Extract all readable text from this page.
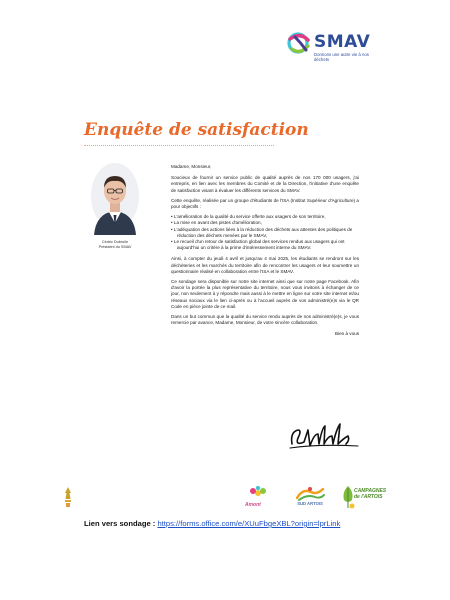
SMAV
Donnons une autre vie à nos déchets
Enquête de satisfaction
Cédric Dubrulle
Président du SMAV

Madame, Monsieur,

Soucieux de fournir un service public de qualité auprès de nos 170 000 usagers, j'ai entrepris, en lien avec les membres du Comité et de la Direction, l'initiative d'une enquête de satisfaction visant à évaluer les différents services du SMAV.

Cette enquête, réalisée par un groupe d'étudiants de l'ISA (Institut Supérieur d'Agriculture) a pour objectifs :

• L'amélioration de la qualité du service offerte aux usagers de son territoire,
• La mise en avant des pistes d'amélioration,
• L'adéquation des actions liées à la réduction des déchets aux attentes des politiques de réduction des déchets menées par le SMAV,
• Le recueil d'un retour de satisfaction global des services rendus aux usagers qui ont aujourd'hui un critère à la prime d'intéressement interne du SMAV.

Ainsi, à compter du jeudi 4 avril et jusqu'au 4 mai 2025, les étudiants se rendront sur les déchèteries et les marchés du territoire afin de rencontrer les usagers et leur soumettre un questionnaire réalisé en collaboration entre l'ISA et le SMAV.

Ce sondage sera disponible sur notre site internet ainsi que sur notre page Facebook. Afin d'avoir la portée la plus représentative du territoire, nous vous invitons à échanger de ce jour, non seulement à y répondre mais aussi à le mettre en ligne sur votre site internet et/ou réseaux sociaux via le lien ci-après ou à l'accueil auprès de vos administré(e)s via le QR Code en pièce jointe de ce mail.

Dans un but commun que la qualité du service rendu auprès de nos administré(e)s, je vous remercie par avance, Madame, Monsieur, de votre sincère collaboration.

Bien à vous

Amont	SUD ARTOIS
CAMPAGNES
de l'ARTOIS
Lien vers sondage : https://forms.office.com/e/XUuFbgeXBL?origin=lprLink
